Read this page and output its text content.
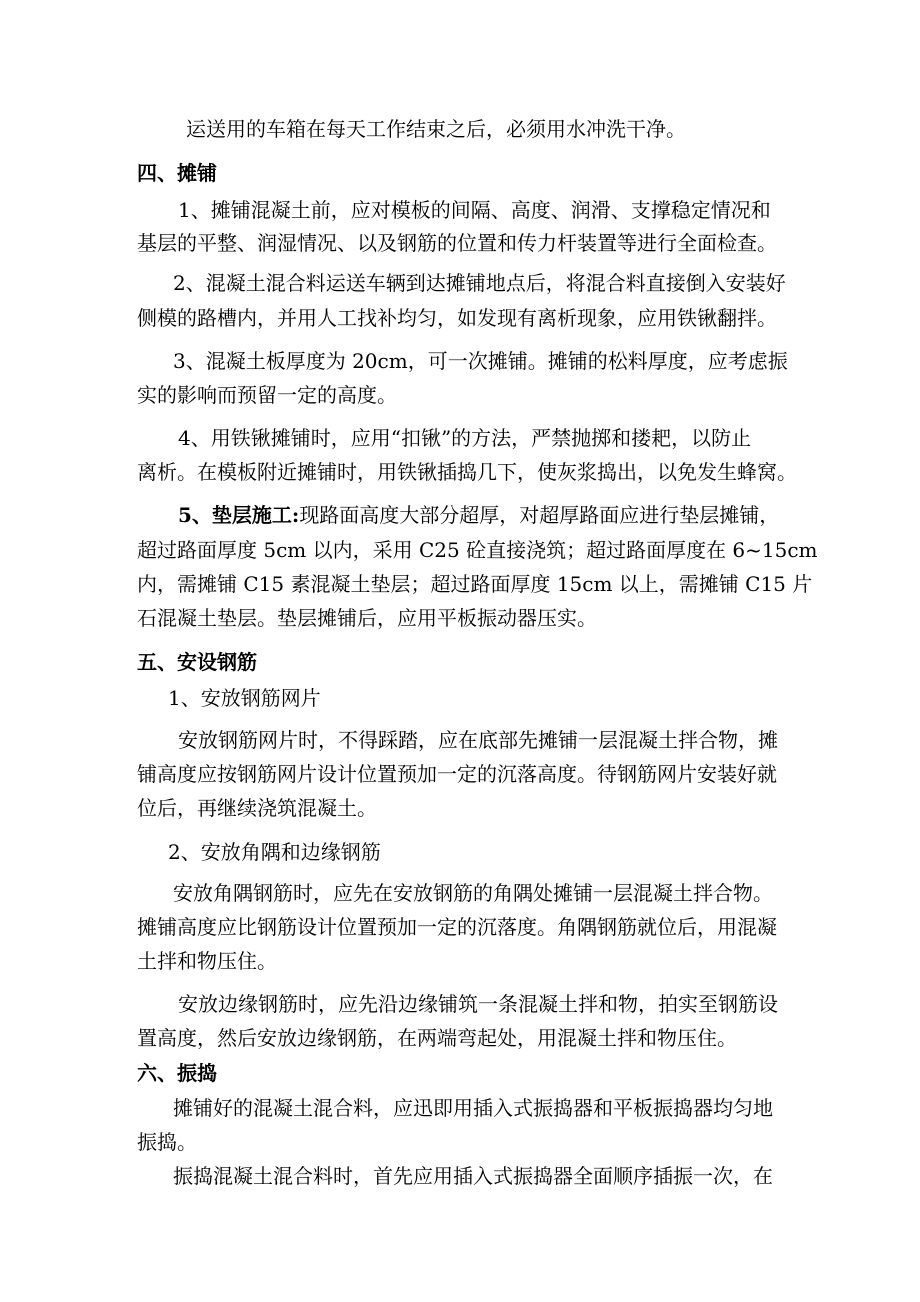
运送用的车箱在每天工作结束之后，必须用水冲洗干净。

四、摊铺

1、摊铺混凝土前，应对模板的间隔、高度、润滑、支撑稳定情况和

基层的平整、润湿情况、以及钢筋的位置和传力杆装置等进行全面检查。

2、混凝土混合料运送车辆到达摊铺地点后，将混合料直接倒入安装好

侧模的路槽内，并用人工找补均匀，如发现有离析现象，应用铁锹翻拌。

3、混凝土板厚度为 20cm，可一次摊铺。摊铺的松料厚度，应考虑振

实的影响而预留一定的高度。

4、用铁锹摊铺时，应用“扣锹”的方法，严禁抛掷和搂耙，以防止

离析。在模板附近摊铺时，用铁锹插捣几下，使灰浆捣出，以免发生蜂窝。

5、垫层施工:现路面高度大部分超厚，对超厚路面应进行垫层摊铺，

超过路面厚度 5cm 以内，采用 C25 砼直接浇筑；超过路面厚度在 6~15cm

内，需摊铺 C15 素混凝土垫层；超过路面厚度 15cm 以上，需摊铺 C15 片

石混凝土垫层。垫层摊铺后，应用平板振动器压实。

五、安设钢筋

1、安放钢筋网片

安放钢筋网片时，不得踩踏，应在底部先摊铺一层混凝土拌合物，摊

铺高度应按钢筋网片设计位置预加一定的沉落高度。待钢筋网片安装好就

位后，再继续浇筑混凝土。

2、安放角隅和边缘钢筋

安放角隅钢筋时，应先在安放钢筋的角隅处摊铺一层混凝土拌合物。

摊铺高度应比钢筋设计位置预加一定的沉落度。角隅钢筋就位后，用混凝

土拌和物压住。

安放边缘钢筋时，应先沿边缘铺筑一条混凝土拌和物，拍实至钢筋设

置高度，然后安放边缘钢筋，在两端弯起处，用混凝土拌和物压住。

六、振捣

摊铺好的混凝土混合料，应迅即用插入式振捣器和平板振捣器均匀地

振捣。

振捣混凝土混合料时，首先应用插入式振捣器全面顺序插振一次，在
